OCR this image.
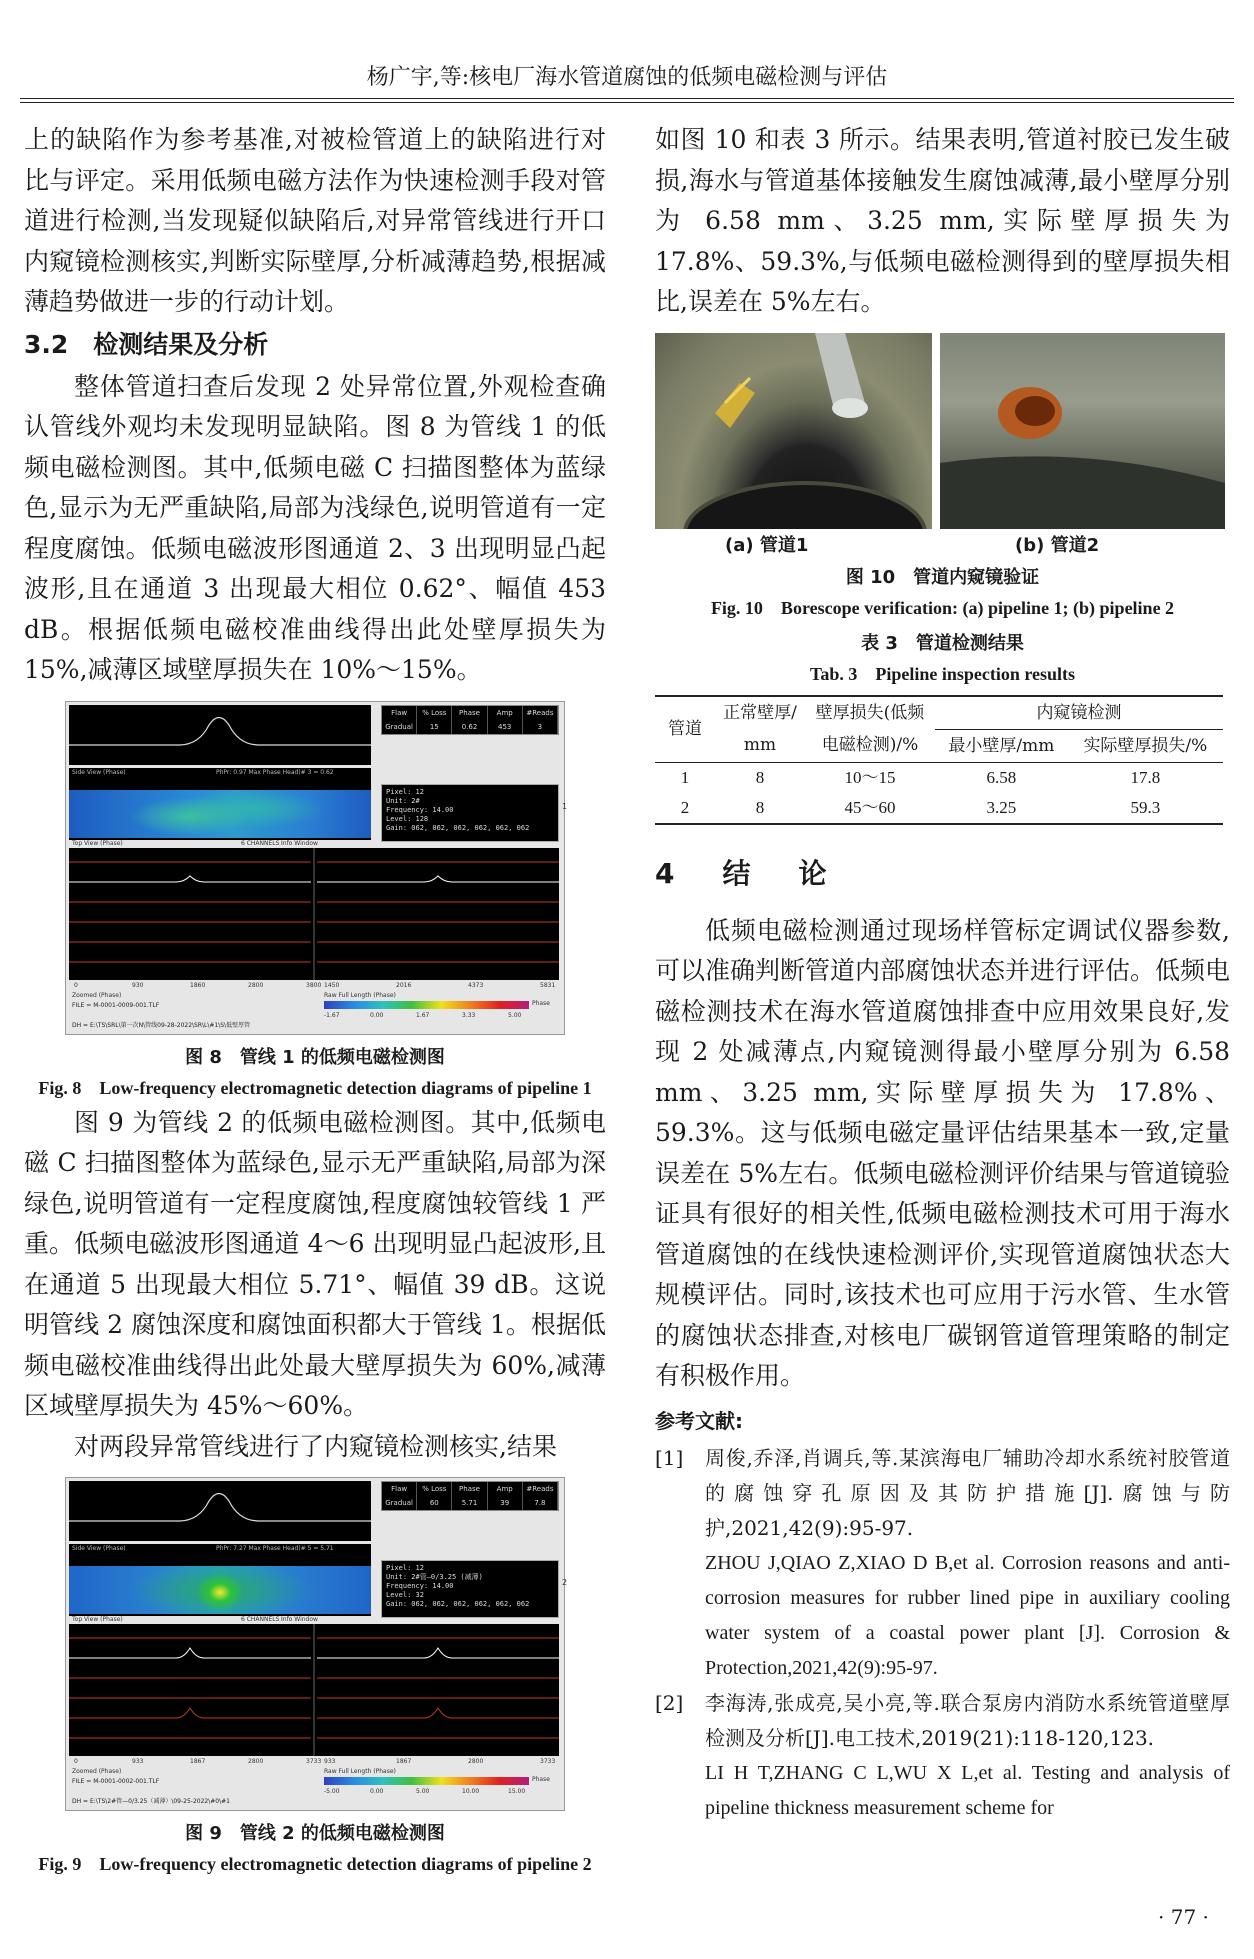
杨广宇,等:核电厂海水管道腐蚀的低频电磁检测与评估

上的缺陷作为参考基准,对被检管道上的缺陷进行对比与评定。采用低频电磁方法作为快速检测手段对管道进行检测,当发现疑似缺陷后,对异常管线进行开口内窥镜检测核实,判断实际壁厚,分析减薄趋势,根据减薄趋势做进一步的行动计划。

3.2　检测结果及分析

整体管道扫查后发现 2 处异常位置,外观检查确认管线外观均未发现明显缺陷。图 8 为管线 1 的低频电磁检测图。其中,低频电磁 C 扫描图整体为蓝绿色,显示为无严重缺陷,局部为浅绿色,说明管道有一定程度腐蚀。低频电磁波形图通道 2、3 出现明显凸起波形,且在通道 3 出现最大相位 0.62°、幅值 453 dB。根据低频电磁校准曲线得出此处壁厚损失为 15%,减薄区域壁厚损失在 10%～15%。

Flaw	% Loss	Phase	Amp	#Reads
Gradual	15	0.62	453	3
Side View (Phase)	PhPr: 0.97 Max Phase Head(# 3 = 0.62
Pixel: 12
Unit: 2#
Frequency: 14.00
Level: 128
Gain: 062, 062, 062, 062, 062, 062
Top View (Phase)	6 CHANNELS Info Window
0	930	1860	2800	3800 1450	2016	4373	5831
Zoomed (Phase)	Raw Full Length (Phase)
Phase
-1.67	0.00	1.67	3.33	5.00
FILE = M-0001-0009-001.TLF
DH = E:\TS\SRL\第一次N\管线09-28-2022\SR\L\#1\S\低壁厚管
1
图 8　管线 1 的低频电磁检测图
Fig. 8　Low-frequency electromagnetic detection diagrams of pipeline 1

图 9 为管线 2 的低频电磁检测图。其中,低频电磁 C 扫描图整体为蓝绿色,显示无严重缺陷,局部为深绿色,说明管道有一定程度腐蚀,程度腐蚀较管线 1 严重。低频电磁波形图通道 4～6 出现明显凸起波形,且在通道 5 出现最大相位 5.71°、幅值 39 dB。这说明管线 2 腐蚀深度和腐蚀面积都大于管线 1。根据低频电磁校准曲线得出此处最大壁厚损失为 60%,减薄区域壁厚损失为 45%～60%。

对两段异常管线进行了内窥镜检测核实,结果

Flaw	% Loss	Phase	Amp	#Reads
Gradual	60	5.71	39	7.8
Side View (Phase)	PhPr: 7.27 Max Phase Head(# 5 = 5.71
Pixel: 12
Unit: 2#管—0/3.25 (减薄)
Frequency: 14.00
Level: 32
Gain: 062, 062, 062, 062, 062, 062
Top View (Phase)	6 CHANNELS Info Window
0	933	1867	2800	3733 933	1867	2800	3733
Zoomed (Phase)	Raw Full Length (Phase)
Phase
-5.00	0.00	5.00	10.00	15.00
FILE = M-0001-0002-001.TLF
DH = E:\TS\2#管—0/3.25（减薄）\09-25-2022\#0\#1
2
图 9　管线 2 的低频电磁检测图
Fig. 9　Low-frequency electromagnetic detection diagrams of pipeline 2

如图 10 和表 3 所示。结果表明,管道衬胶已发生破损,海水与管道基体接触发生腐蚀减薄,最小壁厚分别为 6.58 mm、3.25 mm,实际壁厚损失为 17.8%、59.3%,与低频电磁检测得到的壁厚损失相比,误差在 5%左右。

(a) 管道1	(b) 管道2
图 10　管道内窥镜验证
Fig. 10　Borescope verification: (a) pipeline 1; (b) pipeline 2
表 3　管道检测结果
Tab. 3　Pipeline inspection results
管道	正常壁厚/	壁厚损失(低频	内窥镜检测	
	mm	电磁检测)/%	最小壁厚/mm	实际壁厚损失/%
1	8	10～15	6.58	17.8
2	8	45～60	3.25	59.3
4　结　论

低频电磁检测通过现场样管标定调试仪器参数,可以准确判断管道内部腐蚀状态并进行评估。低频电磁检测技术在海水管道腐蚀排查中应用效果良好,发现 2 处减薄点,内窥镜测得最小壁厚分别为 6.58 mm、3.25 mm,实际壁厚损失为 17.8%、59.3%。这与低频电磁定量评估结果基本一致,定量误差在 5%左右。低频电磁检测评价结果与管道镜验证具有很好的相关性,低频电磁检测技术可用于海水管道腐蚀的在线快速检测评价,实现管道腐蚀状态大规模评估。同时,该技术也可应用于污水管、生水管的腐蚀状态排查,对核电厂碳钢管道管理策略的制定有积极作用。

参考文献:
[1]	周俊,乔泽,肖调兵,等.某滨海电厂辅助冷却水系统衬胶管道的腐蚀穿孔原因及其防护措施[J].腐蚀与防护,2021,42(9):95-97.
ZHOU J,QIAO Z,XIAO D B,et al. Corrosion reasons and anti-corrosion measures for rubber lined pipe in auxiliary cooling water system of a coastal power plant [J]. Corrosion & Protection,2021,42(9):95-97.
[2]	李海涛,张成亮,吴小亮,等.联合泵房内消防水系统管道壁厚检测及分析[J].电工技术,2019(21):118-120,123.
LI H T,ZHANG C L,WU X L,et al. Testing and analysis of pipeline thickness measurement scheme for
· 77 ·
